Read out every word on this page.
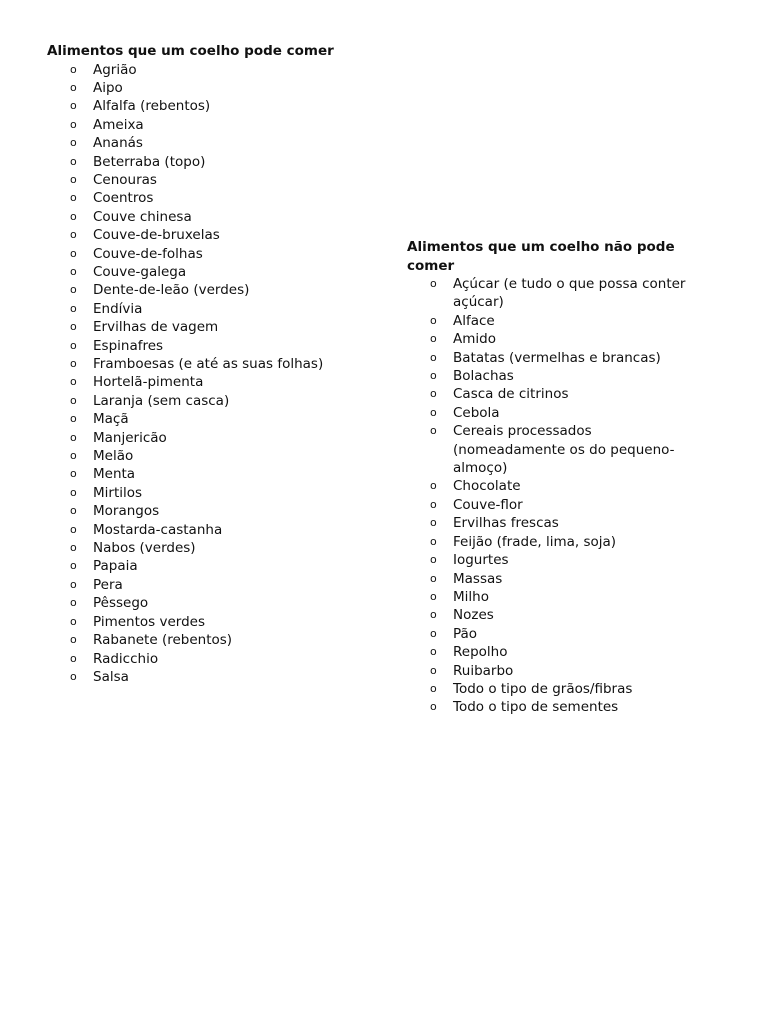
Alimentos que um coelho pode comer
o Agrião
o Aipo
o Alfalfa (rebentos)
o Ameixa
o Ananás
o Beterraba (topo)
o Cenouras
o Coentros
o Couve chinesa
o Couve-de-bruxelas
o Couve-de-folhas
o Couve-galega
o Dente-de-leão (verdes)
o Endívia
o Ervilhas de vagem
o Espinafres
o Framboesas (e até as suas folhas)
o Hortelã-pimenta
o Laranja (sem casca)
o Maçã
o Manjericão
o Melão
o Menta
o Mirtilos
o Morangos
o Mostarda-castanha
o Nabos (verdes)
o Papaia
o Pera
o Pêssego
o Pimentos verdes
o Rabanete (rebentos)
o Radicchio
o Salsa
Alimentos que um coelho não pode
comer
o Açúcar (e tudo o que possa conter
açúcar)
o Alface
o Amido
o Batatas (vermelhas e brancas)
o Bolachas
o Casca de citrinos
o Cebola
o Cereais processados
(nomeadamente os do pequeno-
almoço)
o Chocolate
o Couve-flor
o Ervilhas frescas
o Feijão (frade, lima, soja)
o Iogurtes
o Massas
o Milho
o Nozes
o Pão
o Repolho
o Ruibarbo
o Todo o tipo de grãos/fibras
o Todo o tipo de sementes
